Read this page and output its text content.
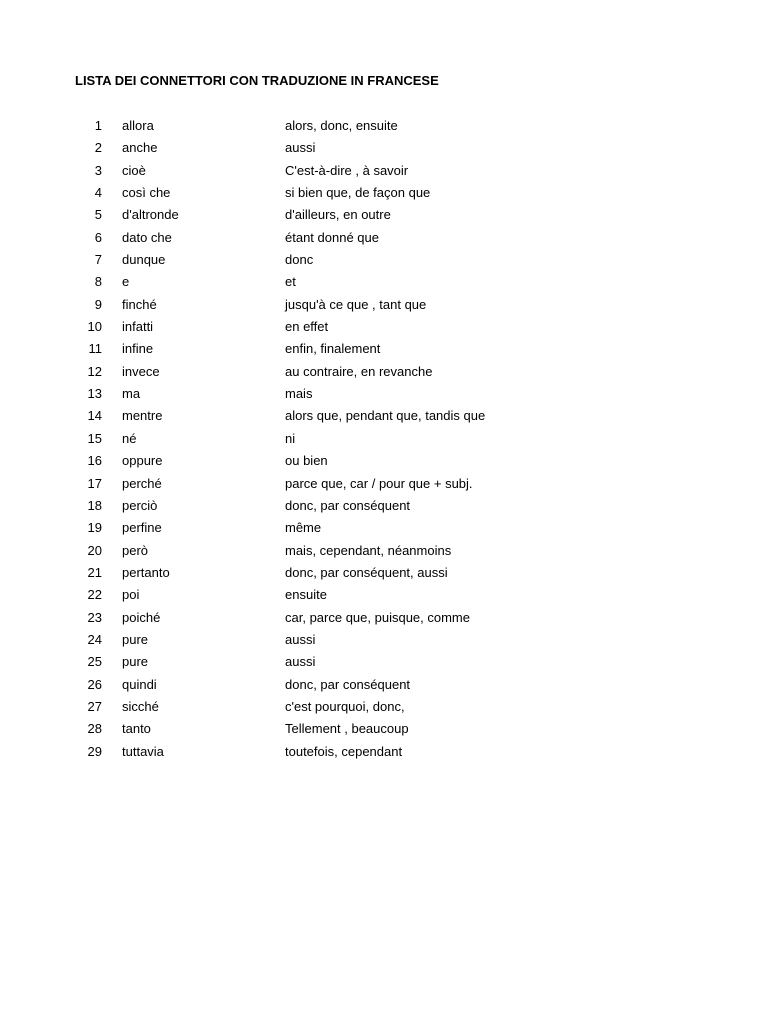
LISTA DEI CONNETTORI CON TRADUZIONE IN FRANCESE
1 allora	alors, donc, ensuite
2 anche	aussi
3 cioè	C'est-à-dire , à savoir
4 così che	si bien que, de façon que
5 d'altronde	d'ailleurs, en outre
6 dato che	étant donné que
7 dunque	donc
8 e	et
9 finché	jusqu'à ce que , tant que
10 infatti	en effet
11 infine	enfin, finalement
12 invece	au contraire, en revanche
13 ma	mais
14 mentre	alors que, pendant que, tandis que
15 né	ni
16 oppure	ou bien
17 perché	parce que, car / pour que + subj.
18 perciò	donc, par conséquent
19 perfine	même
20 però	mais, cependant, néanmoins
21 pertanto	donc, par conséquent, aussi
22 poi	ensuite
23 poiché	car, parce que, puisque, comme
24 pure	aussi
25 pure	aussi
26 quindi	donc, par conséquent
27 sicché	c'est pourquoi, donc,
28 tanto	Tellement , beaucoup
29 tuttavia	toutefois, cependant
